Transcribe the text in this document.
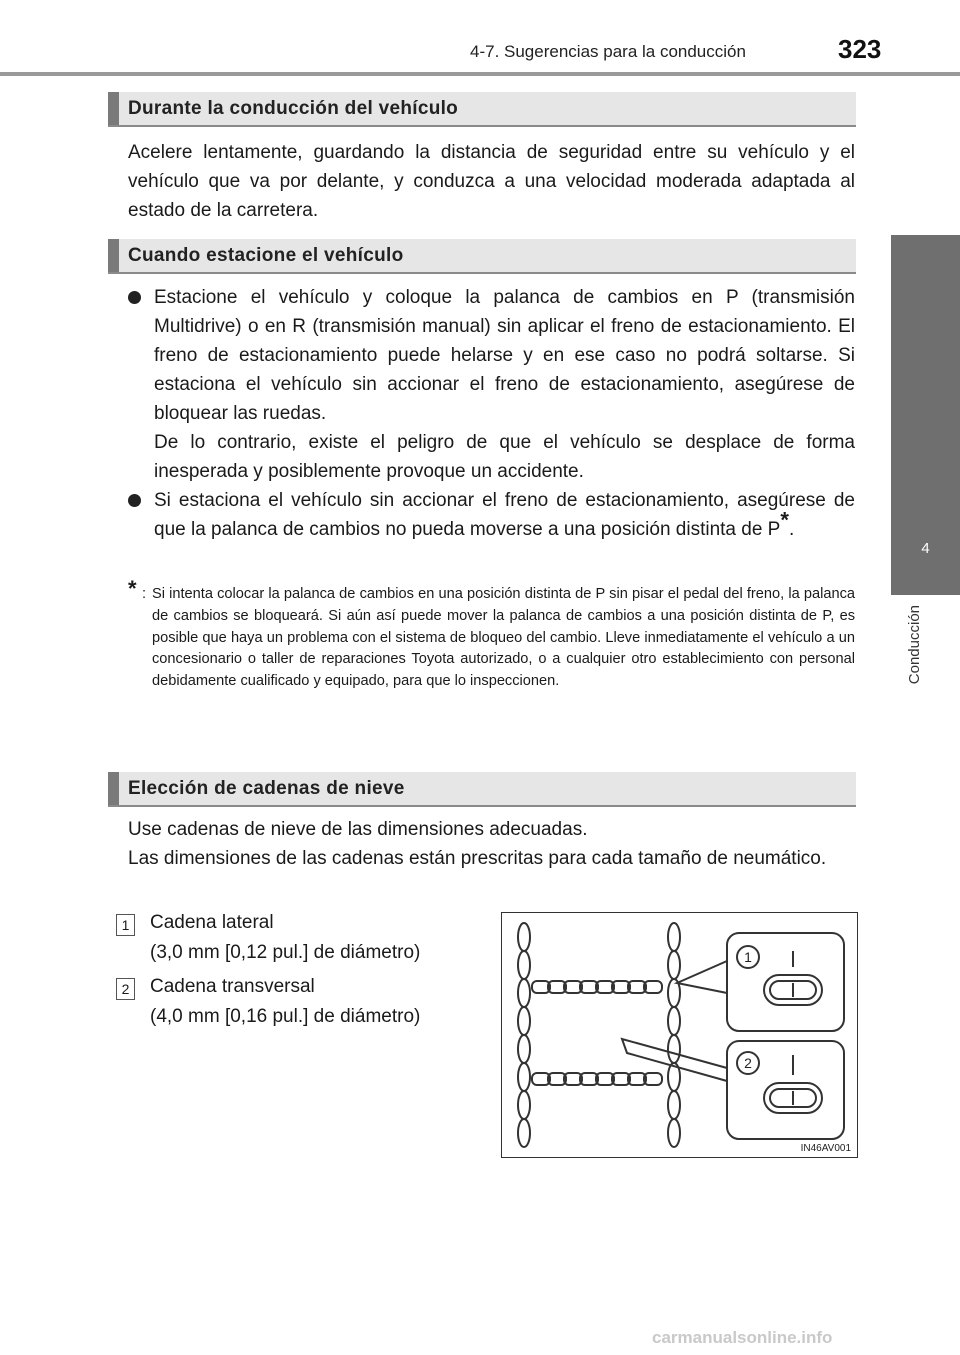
4-7. Sugerencias para la conducción	323
4
Conducción
Durante la conducción del vehículo
Acelere lentamente, guardando la distancia de seguridad entre su vehículo y el vehículo que va por delante, y conduzca a una velocidad moderada adaptada al estado de la carretera.
Cuando estacione el vehículo
Estacione el vehículo y coloque la palanca de cambios en P (transmisión Multidrive) o en R (transmisión manual) sin aplicar el freno de estacionamiento. El freno de estacionamiento puede helarse y en ese caso no podrá soltarse. Si estaciona el vehículo sin accionar el freno de estacionamiento, asegúrese de bloquear las ruedas.
De lo contrario, existe el peligro de que el vehículo se desplace de forma inesperada y posiblemente provoque un accidente.
Si estaciona el vehículo sin accionar el freno de estacionamiento, asegúrese de que la palanca de cambios no pueda moverse a una posición distinta de P*.
* : Si intenta colocar la palanca de cambios en una posición distinta de P sin pisar el pedal del freno, la palanca de cambios se bloqueará. Si aún así puede mover la palanca de cambios a una posición distinta de P, es posible que haya un problema con el sistema de bloqueo del cambio. Lleve inmediatamente el vehículo a un concesionario o taller de reparaciones Toyota autorizado, o a cualquier otro establecimiento con personal debidamente cualificado y equipado, para que lo inspeccionen.
Elección de cadenas de nieve
Use cadenas de nieve de las dimensiones adecuadas.
Las dimensiones de las cadenas están prescritas para cada tamaño de neumático.
1 Cadena lateral
(3,0 mm [0,12 pul.] de diámetro)
2 Cadena transversal
(4,0 mm [0,16 pul.] de diámetro)
1
2
IN46AV001
carmanualsonline.info
